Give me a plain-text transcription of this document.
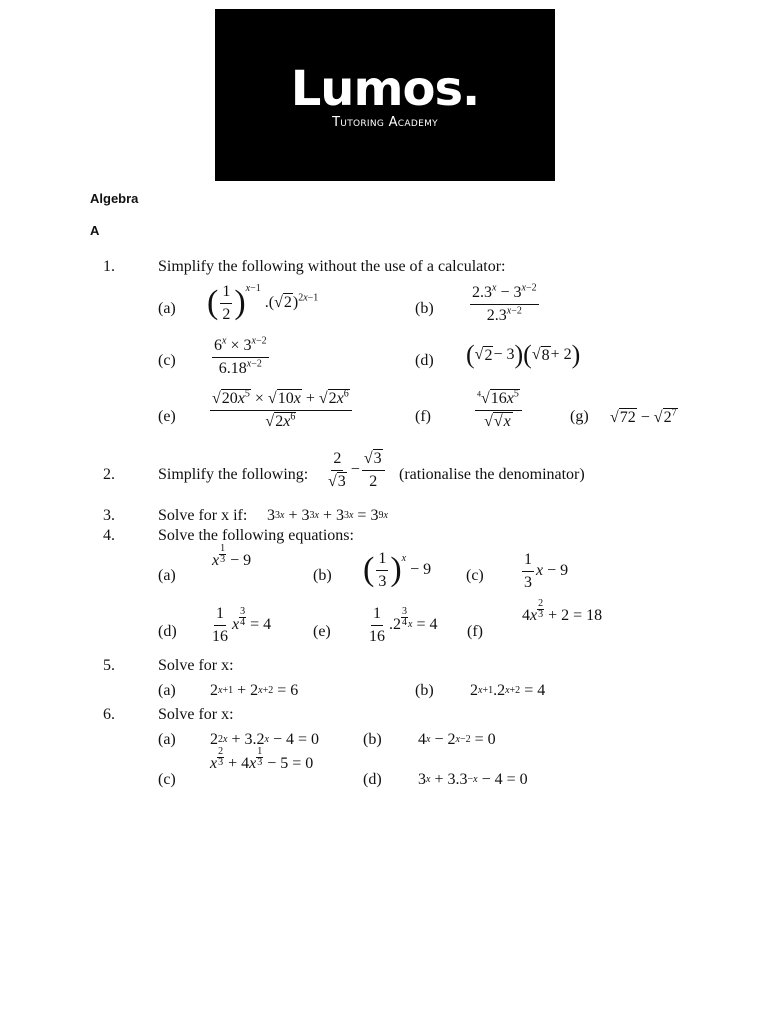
Lumos.
Tutoring Academy
Algebra
A
1.	Simplify the following without the use of a calculator:
(a) ( $\frac{1}{2}$ ) x−1
$.(√2)^{2x-1}$
$(b) \frac{2.3^x - 3^{x-2}}{2.3^{x-2}}$
$(c) \frac{6^x \times 3^{x-2}}{6.18^{x-2}}$	(d) ( √ 2 − 3 ) ( √ 8 + 2 )
$(e) \frac{√20x^5 \times √10x + √2x^6}{√2x^6}$	(f)	$\frac{^4√16x^5}{√√x}$	(g) √ 72 − √ $2^7$
2.	Simplify the following: $\frac{2}{√3} - \frac{√3}{2}$ (rationalise the denominator)
3.	Solve for x if: 3 3x + 3 3x + 3 3x = 3 9x
4.	Solve the following equations:
(a)
x
1
3 − 9
(b) ( $\frac{1}{3}$ ) x
− 9 $(c) \frac{1}{3}$ x − 9
$(d) \frac{1}{16}$ x
3
4 = 4	$(e) \frac{1}{16} .2$
3
4 x = 4 (f)
4 x
2
3 + 2 = 18
5.	Solve for x:
(a) 2 x+1 + 2 x+2 = 6	(b) 2 x+1 .2 x+2 = 4
6.	Solve for x:
(a) 2 2x + 3.2 x − 4 = 0	(b) 4 x − 2 x−2 = 0
(c)
x
2
3 + 4 x
1
3 − 5 = 0
(d) 3 x + 3.3 −x − 4 = 0
